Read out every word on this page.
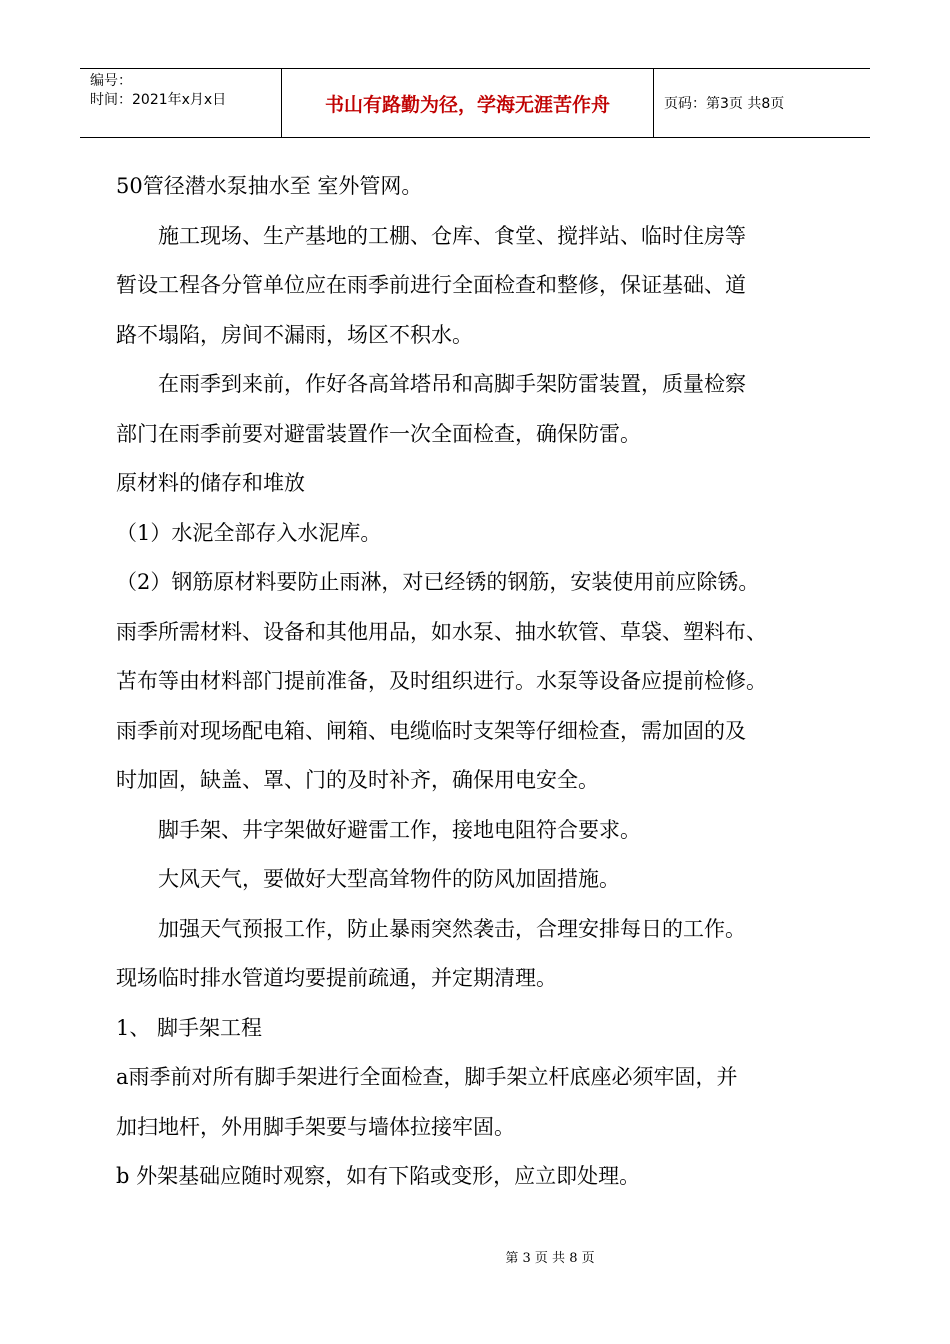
编号：
时间：2021年x月x日	书山有路勤为径，学海无涯苦作舟	页码：第3页 共8页

50管径潜水泵抽水至 室外管网。

施工现场、生产基地的工棚、仓库、食堂、搅拌站、临时住房等

暂设工程各分管单位应在雨季前进行全面检查和整修，保证基础、道

路不塌陷，房间不漏雨，场区不积水。

在雨季到来前，作好各高耸塔吊和高脚手架防雷装置，质量检察

部门在雨季前要对避雷装置作一次全面检查，确保防雷。

原材料的储存和堆放

（1）水泥全部存入水泥库。

（2）钢筋原材料要防止雨淋，对已经锈的钢筋，安装使用前应除锈。

雨季所需材料、设备和其他用品，如水泵、抽水软管、草袋、塑料布、

苫布等由材料部门提前准备，及时组织进行。水泵等设备应提前检修。

雨季前对现场配电箱、闸箱、电缆临时支架等仔细检查，需加固的及

时加固，缺盖、罩、门的及时补齐，确保用电安全。

脚手架、井字架做好避雷工作，接地电阻符合要求。

大风天气，要做好大型高耸物件的防风加固措施。

加强天气预报工作，防止暴雨突然袭击，合理安排每日的工作。

现场临时排水管道均要提前疏通，并定期清理。

1、 脚手架工程

a雨季前对所有脚手架进行全面检查，脚手架立杆底座必须牢固，并

加扫地杆，外用脚手架要与墙体拉接牢固。

b 外架基础应随时观察，如有下陷或变形，应立即处理。

第 3 页 共 8 页
